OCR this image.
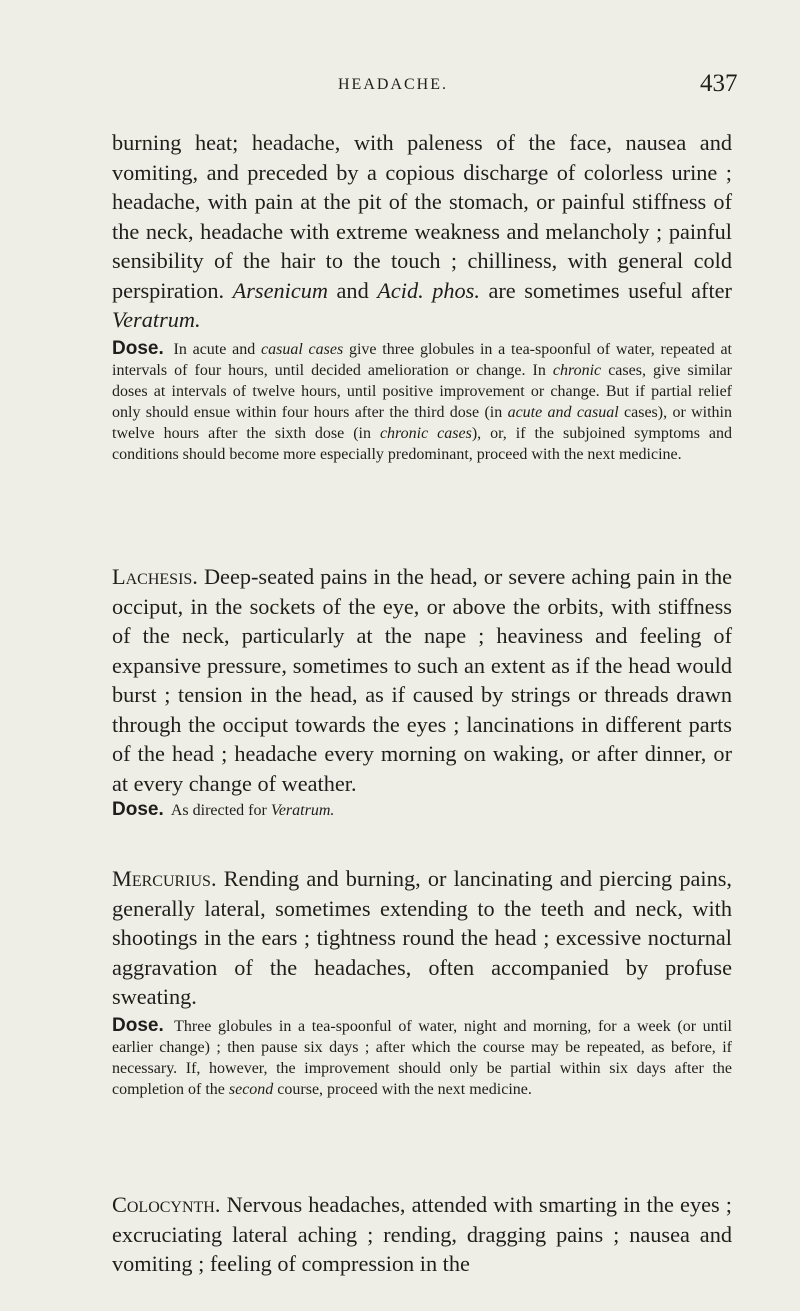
HEADACHE.	437

burning heat; headache, with paleness of the face, nausea and vomiting, and preceded by a copious discharge of colorless urine ; headache, with pain at the pit of the stomach, or painful stiffness of the neck, headache with extreme weakness and melancholy ; painful sensibility of the hair to the touch ; chilliness, with general cold perspiration. Arsenicum and Acid. phos. are sometimes useful after Veratrum.

Dose. In acute and casual cases give three globules in a tea-spoonful of water, repeated at intervals of four hours, until decided amelioration or change. In chronic cases, give similar doses at intervals of twelve hours, until positive improvement or change. But if partial relief only should ensue within four hours after the third dose (in acute and casual cases), or within twelve hours after the sixth dose (in chronic cases), or, if the subjoined symptoms and conditions should become more especially predominant, proceed with the next medicine.

Lachesis. Deep-seated pains in the head, or severe aching pain in the occiput, in the sockets of the eye, or above the orbits, with stiffness of the neck, particularly at the nape ; heaviness and feeling of expansive pressure, sometimes to such an extent as if the head would burst ; tension in the head, as if caused by strings or threads drawn through the occiput towards the eyes ; lancinations in different parts of the head ; headache every morning on waking, or after dinner, or at every change of weather.

Dose. As directed for Veratrum.

Mercurius. Rending and burning, or lancinating and piercing pains, generally lateral, sometimes extending to the teeth and neck, with shootings in the ears ; tightness round the head ; excessive nocturnal aggravation of the headaches, often accompanied by profuse sweating.

Dose. Three globules in a tea-spoonful of water, night and morning, for a week (or until earlier change) ; then pause six days ; after which the course may be repeated, as before, if necessary. If, however, the improvement should only be partial within six days after the completion of the second course, proceed with the next medicine.

Colocynth. Nervous headaches, attended with smarting in the eyes ; excruciating lateral aching ; rending, dragging pains ; nausea and vomiting ; feeling of compression in the
